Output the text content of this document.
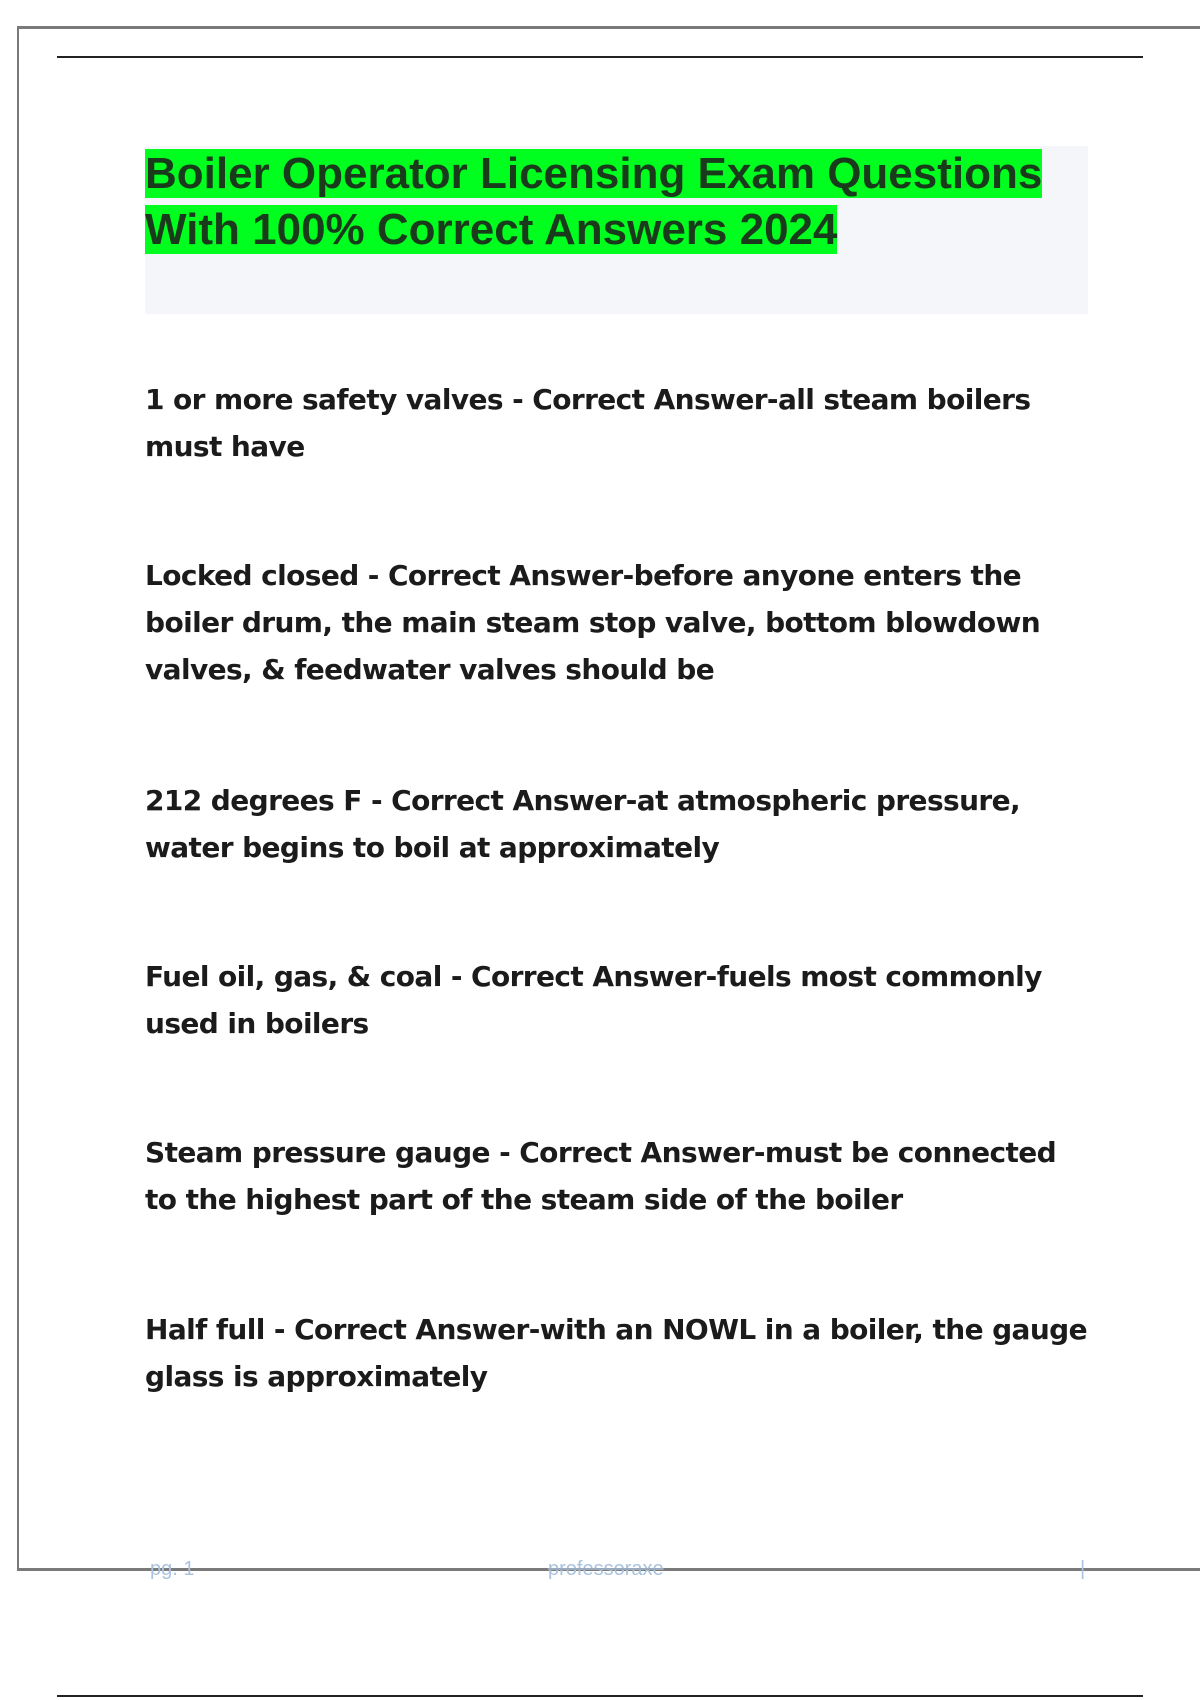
Boiler Operator Licensing Exam Questions With 100% Correct Answers 2024

1 or more safety valves - Correct Answer-all steam boilers must have

Locked closed - Correct Answer-before anyone enters the boiler drum, the main steam stop valve, bottom blowdown valves, & feedwater valves should be

212 degrees F - Correct Answer-at atmospheric pressure, water begins to boil at approximately

Fuel oil, gas, & coal - Correct Answer-fuels most commonly used in boilers

Steam pressure gauge - Correct Answer-must be connected to the highest part of the steam side of the boiler

Half full - Correct Answer-with an NOWL in a boiler, the gauge glass is approximately

pg. 1	professoraxe	|
